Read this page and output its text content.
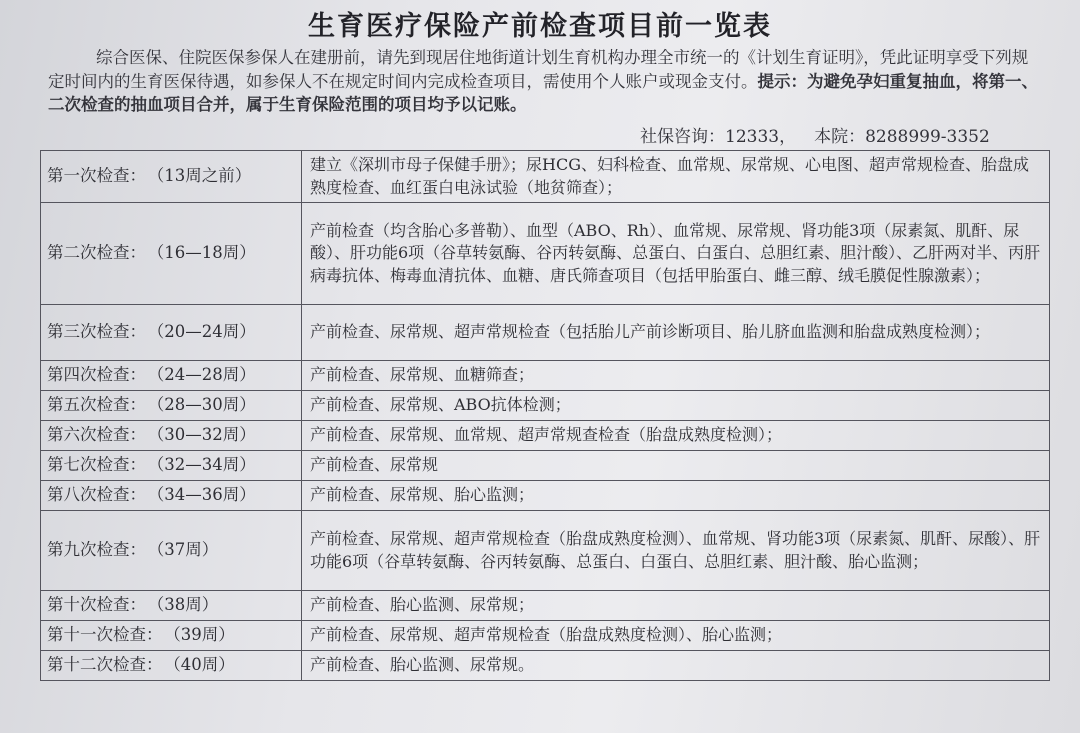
生育医疗保险产前检查项目前一览表

综合医保、住院医保参保人在建册前，请先到现居住地街道计划生育机构办理全市统一的《计划生育证明》，凭此证明享受下列规定时间内的生育医保待遇，如参保人不在规定时间内完成检查项目，需使用个人账户或现金支付。提示：为避免孕妇重复抽血，将第一、二次检查的抽血项目合并，属于生育保险范围的项目均予以记账。

社保咨询：12333， 本院：8288999-3352
第一次检查： （13周之前）	建立《深圳市母子保健手册》；尿HCG、妇科检查、血常规、尿常规、心电图、超声常规检查、胎盘成熟度检查、血红蛋白电泳试验（地贫筛查）；
第二次检查： （16—18周）	产前检查（均含胎心多普勒）、血型（ABO、Rh）、血常规、尿常规、肾功能3项（尿素氮、肌酐、尿酸）、肝功能6项（谷草转氨酶、谷丙转氨酶、总蛋白、白蛋白、总胆红素、胆汁酸）、乙肝两对半、丙肝病毒抗体、梅毒血清抗体、血糖、唐氏筛查项目（包括甲胎蛋白、雌三醇、绒毛膜促性腺激素）；
第三次检查： （20—24周）	产前检查、尿常规、超声常规检查（包括胎儿产前诊断项目、胎儿脐血监测和胎盘成熟度检测）；
第四次检查： （24—28周）	产前检查、尿常规、血糖筛查；
第五次检查： （28—30周）	产前检查、尿常规、ABO抗体检测；
第六次检查： （30—32周）	产前检查、尿常规、血常规、超声常规查检查（胎盘成熟度检测）；
第七次检查： （32—34周）	产前检查、尿常规
第八次检查： （34—36周）	产前检查、尿常规、胎心监测；
第九次检查： （37周）	产前检查、尿常规、超声常规检查（胎盘成熟度检测）、血常规、肾功能3项（尿素氮、肌酐、尿酸）、肝功能6项（谷草转氨酶、谷丙转氨酶、总蛋白、白蛋白、总胆红素、胆汁酸、胎心监测；
第十次检查： （38周）	产前检查、胎心监测、尿常规；
第十一次检查： （39周）	产前检查、尿常规、超声常规检查（胎盘成熟度检测）、胎心监测；
第十二次检查： （40周）	产前检查、胎心监测、尿常规。
